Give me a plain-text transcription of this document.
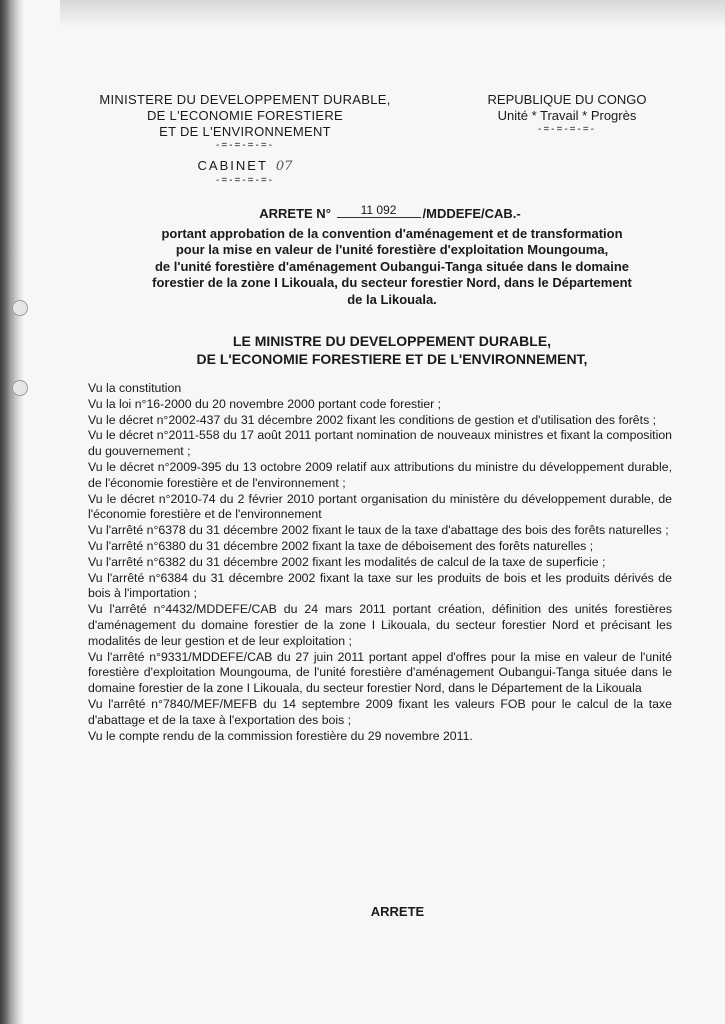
MINISTERE DU DEVELOPPEMENT DURABLE,
DE L'ECONOMIE FORESTIERE
ET DE L'ENVIRONNEMENT
-=-=-=-=-
CABINET 07
-=-=-=-=-
REPUBLIQUE DU CONGO
Unité * Travail * Progrès
-=-=-=-=-
ARRETE N° 11 092 /MDDEFE/CAB.-
portant approbation de la convention d'aménagement et de transformation
pour la mise en valeur de l'unité forestière d'exploitation Moungouma,
de l'unité forestière d'aménagement Oubangui-Tanga située dans le domaine
forestier de la zone I Likouala, du secteur forestier Nord, dans le Département
de la Likouala.
LE MINISTRE DU DEVELOPPEMENT DURABLE,
DE L'ECONOMIE FORESTIERE ET DE L'ENVIRONNEMENT,

Vu la constitution

Vu la loi n°16-2000 du 20 novembre 2000 portant code forestier ;

Vu le décret n°2002-437 du 31 décembre 2002 fixant les conditions de gestion et d'utilisation des forêts ;

Vu le décret n°2011-558 du 17 août 2011 portant nomination de nouveaux ministres et fixant la composition du gouvernement ;

Vu le décret n°2009-395 du 13 octobre 2009 relatif aux attributions du ministre du développement durable, de l'économie forestière et de l'environnement ;

Vu le décret n°2010-74 du 2 février 2010 portant organisation du ministère du développement durable, de l'économie forestière et de l'environnement

Vu l'arrêté n°6378 du 31 décembre 2002 fixant le taux de la taxe d'abattage des bois des forêts naturelles ;

Vu l'arrêté n°6380 du 31 décembre 2002 fixant la taxe de déboisement des forêts naturelles ;

Vu l'arrêté n°6382 du 31 décembre 2002 fixant les modalités de calcul de la taxe de superficie ;

Vu l'arrêté n°6384 du 31 décembre 2002 fixant la taxe sur les produits de bois et les produits dérivés de bois à l'importation ;

Vu l'arrêté n°4432/MDDEFE/CAB du 24 mars 2011 portant création, définition des unités forestières d'aménagement du domaine forestier de la zone I Likouala, du secteur forestier Nord et précisant les modalités de leur gestion et de leur exploitation ;

Vu l'arrêté n°9331/MDDEFE/CAB du 27 juin 2011 portant appel d'offres pour la mise en valeur de l'unité forestière d'exploitation Moungouma, de l'unité forestière d'aménagement Oubangui-Tanga située dans le domaine forestier de la zone I Likouala, du secteur forestier Nord, dans le Département de la Likouala

Vu l'arrêté n°7840/MEF/MEFB du 14 septembre 2009 fixant les valeurs FOB pour le calcul de la taxe d'abattage et de la taxe à l'exportation des bois ;

Vu le compte rendu de la commission forestière du 29 novembre 2011.

ARRETE
